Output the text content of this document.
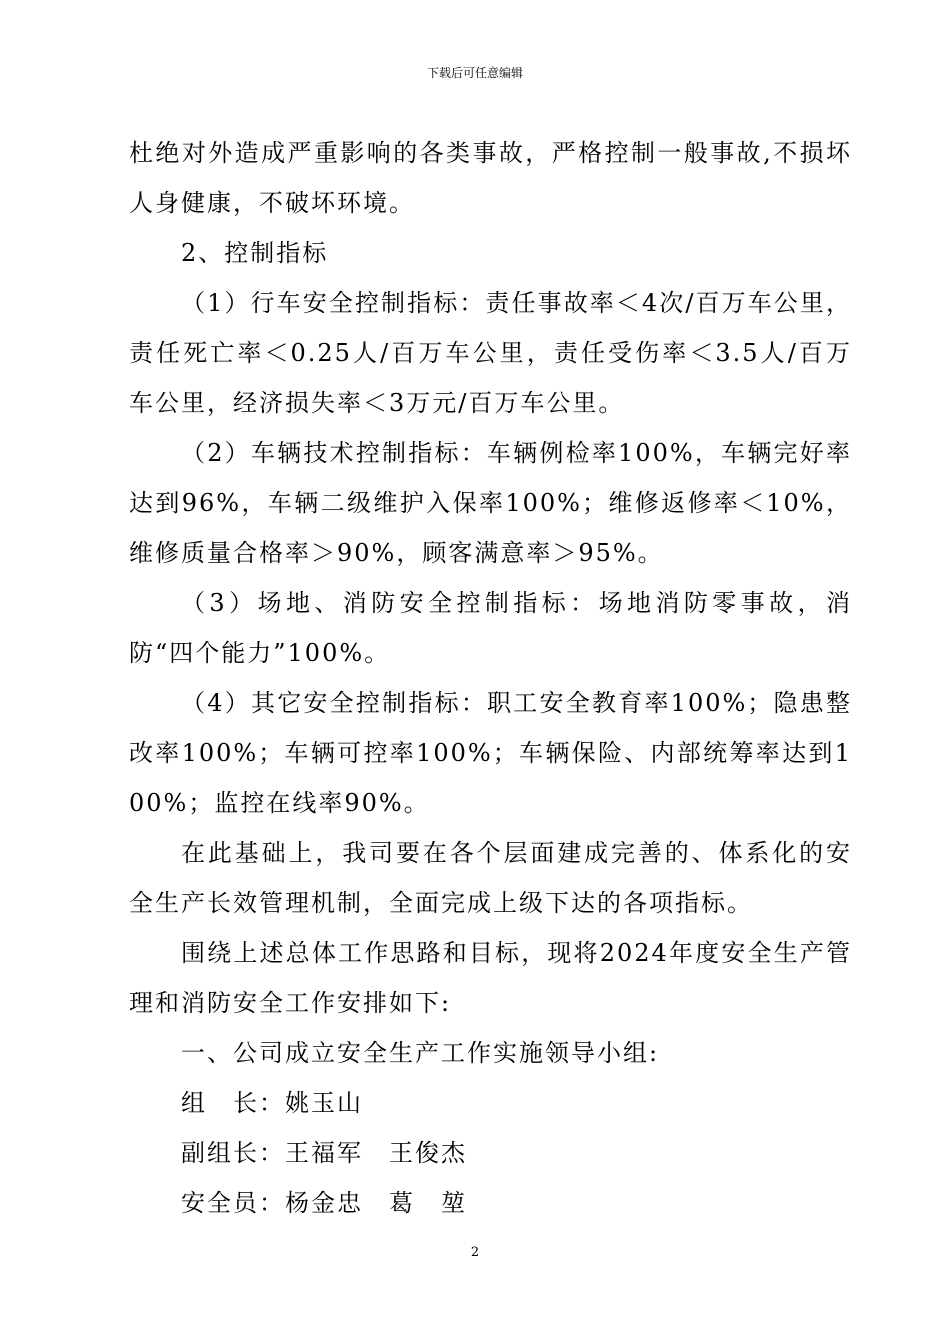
下载后可任意编辑

杜绝对外造成严重影响的各类事故，严格控制一般事故,不损坏人身健康，不破坏环境。

2、控制指标

（1）行车安全控制指标：责任事故率＜4次/百万车公里，责任死亡率＜0.25人/百万车公里，责任受伤率＜3.5人/百万车公里，经济损失率＜3万元/百万车公里。

（2）车辆技术控制指标：车辆例检率100%，车辆完好率达到96%，车辆二级维护入保率100%；维修返修率＜10%，维修质量合格率＞90%，顾客满意率＞95%。

（3）场地、消防安全控制指标：场地消防零事故，消防“四个能力”100%。

（4）其它安全控制指标：职工安全教育率100%；隐患整改率100%；车辆可控率100%；车辆保险、内部统筹率达到100%；监控在线率90%。

在此基础上，我司要在各个层面建成完善的、体系化的安全生产长效管理机制，全面完成上级下达的各项指标。

围绕上述总体工作思路和目标，现将2024年度安全生产管理和消防安全工作安排如下:

一、公司成立安全生产工作实施领导小组:

组　长：姚玉山

副组长：王福军　王俊杰

安全员：杨金忠　葛　堃

2
